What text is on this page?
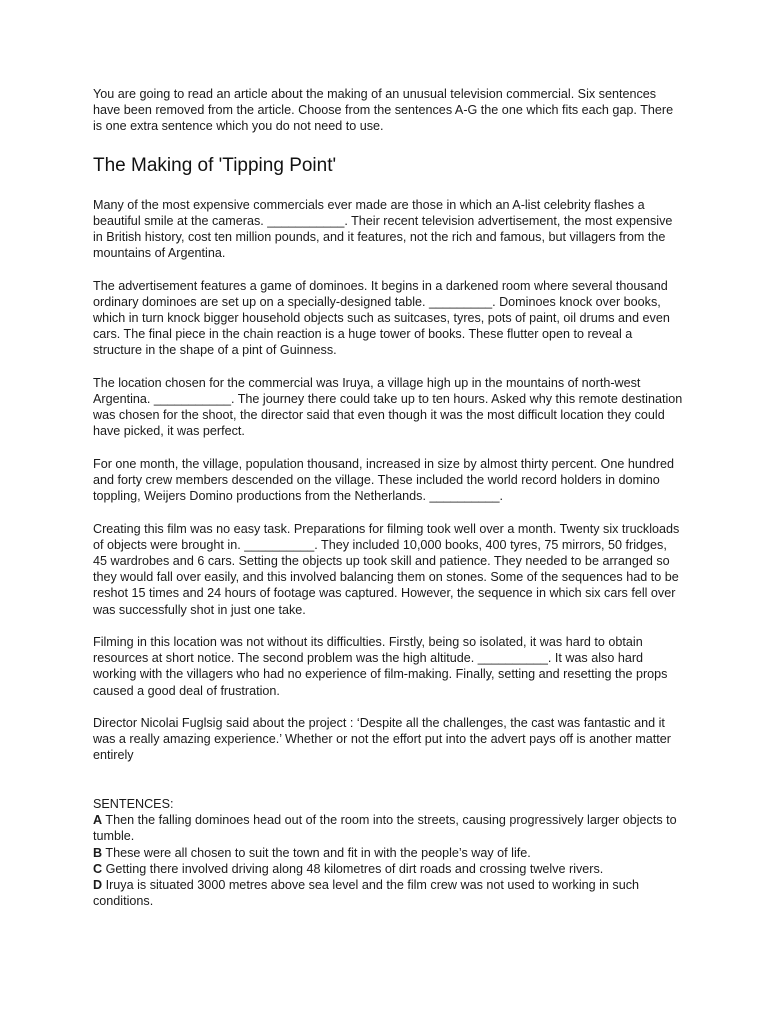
You are going to read an article about the making of an unusual television commercial. Six sentences have been removed from the article. Choose from the sentences A-G the one which fits each gap. There is one extra sentence which you do not need to use.

The Making of 'Tipping Point'

Many of the most expensive commercials ever made are those in which an A-list celebrity flashes a beautiful smile at the cameras. ___________. Their recent television advertisement, the most expensive in British history, cost ten million pounds, and it features, not the rich and famous, but villagers from the mountains of Argentina.

The advertisement features a game of dominoes. It begins in a darkened room where several thousand ordinary dominoes are set up on a specially-designed table. _________. Dominoes knock over books, which in turn knock bigger household objects such as suitcases, tyres, pots of paint, oil drums and even cars. The final piece in the chain reaction is a huge tower of books. These flutter open to reveal a structure in the shape of a pint of Guinness.

The location chosen for the commercial was Iruya, a village high up in the mountains of north-west Argentina. ___________. The journey there could take up to ten hours. Asked why this remote destination was chosen for the shoot, the director said that even though it was the most difficult location they could have picked, it was perfect.

For one month, the village, population thousand, increased in size by almost thirty percent. One hundred and forty crew members descended on the village. These included the world record holders in domino toppling, Weijers Domino productions from the Netherlands. __________.

Creating this film was no easy task. Preparations for filming took well over a month. Twenty six truckloads of objects were brought in. __________. They included 10,000 books, 400 tyres, 75 mirrors, 50 fridges, 45 wardrobes and 6 cars. Setting the objects up took skill and patience. They needed to be arranged so they would fall over easily, and this involved balancing them on stones. Some of the sequences had to be reshot 15 times and 24 hours of footage was captured. However, the sequence in which six cars fell over was successfully shot in just one take.

Filming in this location was not without its difficulties. Firstly, being so isolated, it was hard to obtain resources at short notice. The second problem was the high altitude. __________. It was also hard working with the villagers who had no experience of film-making. Finally, setting and resetting the props caused a good deal of frustration.

Director Nicolai Fuglsig said about the project : ‘Despite all the challenges, the cast was fantastic and it was a really amazing experience.’ Whether or not the effort put into the advert pays off is another matter entirely

SENTENCES:

A Then the falling dominoes head out of the room into the streets, causing progressively larger objects to tumble.

B These were all chosen to suit the town and fit in with the people’s way of life.

C Getting there involved driving along 48 kilometres of dirt roads and crossing twelve rivers.

D Iruya is situated 3000 metres above sea level and the film crew was not used to working in such conditions.
